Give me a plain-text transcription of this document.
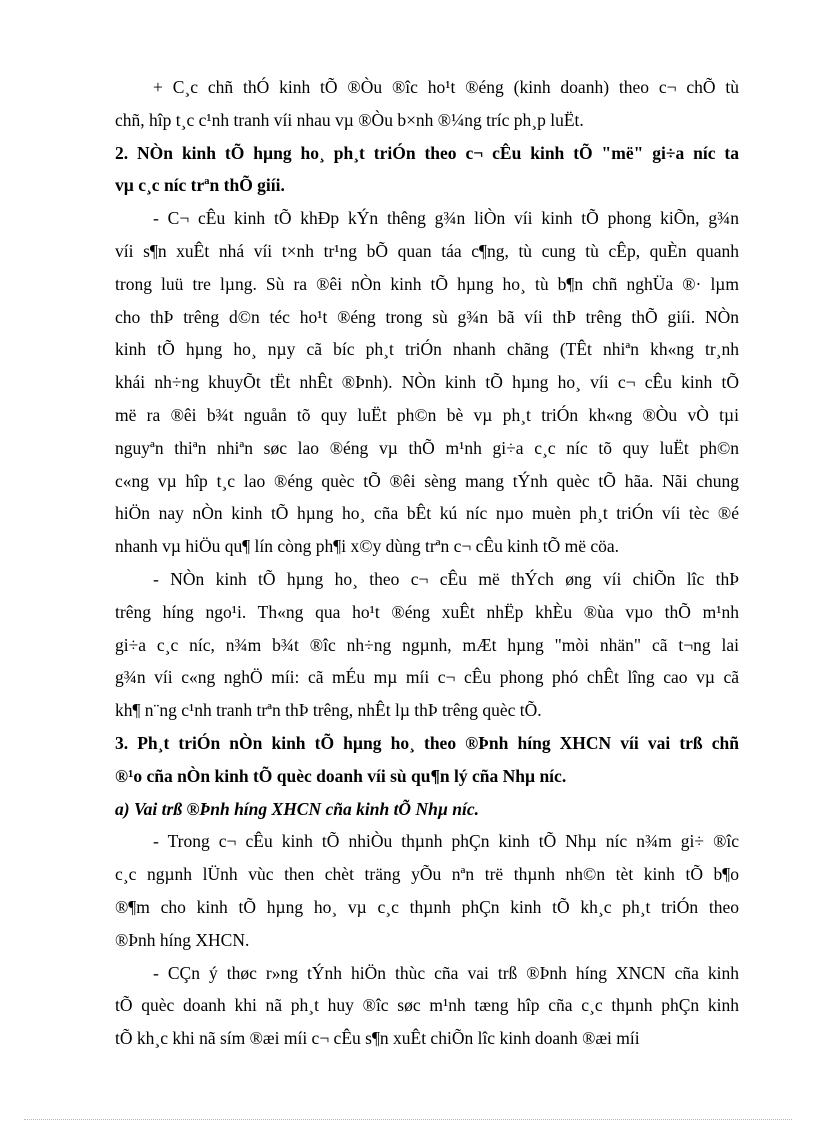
+ C¸c chñ thÓ kinh tÕ ®Òu ®îc ho¹t ®éng (kinh doanh) theo c¬ chÕ tù
chñ, hîp t¸c c¹nh tranh víi nhau vµ ®Òu b×nh ®¼ng tríc ph¸p luËt.
2. NÒn kinh tÕ hµng ho¸ ph¸t triÓn theo c¬ cÊu kinh tÕ "më" gi÷a níc ta
vµ c¸c níc trªn thÕ giíi.
- C¬ cÊu kinh tÕ khÐp kÝn thêng g¾n liÒn víi kinh tÕ phong kiÕn, g¾n
víi s¶n xuÊt nhá víi t×nh tr¹ng bÕ quan táa c¶ng, tù cung tù cÊp, quÈn quanh
trong luü tre lµng. Sù ra ®êi nÒn kinh tÕ hµng ho¸ tù b¶n chñ nghÜa ®· lµm
cho thÞ trêng d©n téc ho¹t ®éng trong sù g¾n bã víi thÞ trêng thÕ giíi. NÒn
kinh tÕ hµng ho¸ nµy cã bíc ph¸t triÓn nhanh chãng (TÊt nhiªn kh«ng tr¸nh
khái nh÷ng khuyÕt tËt nhÊt ®Þnh). NÒn kinh tÕ hµng ho¸ víi c¬ cÊu kinh tÕ
më ra ®êi b¾t nguån tõ quy luËt ph©n bè vµ ph¸t triÓn kh«ng ®Òu vÒ tµi
nguyªn thiªn nhiªn søc lao ®éng vµ thÕ m¹nh gi÷a c¸c níc tõ quy luËt ph©n
c«ng vµ hîp t¸c lao ®éng quèc tÕ ®êi sèng mang tÝnh quèc tÕ hãa. Nãi chung
hiÖn nay nÒn kinh tÕ hµng ho¸ cña bÊt kú níc nµo muèn ph¸t triÓn víi tèc ®é
nhanh vµ hiÖu qu¶ lín còng ph¶i x©y dùng trªn c¬ cÊu kinh tÕ më cöa.
- NÒn kinh tÕ hµng ho¸ theo c¬ cÊu më thÝch øng víi chiÕn lîc thÞ
trêng híng ngo¹i. Th«ng qua ho¹t ®éng xuÊt nhËp khÈu ®ùa vµo thÕ m¹nh
gi÷a c¸c níc, n¾m b¾t ®îc nh÷ng ngµnh, mÆt hµng "mòi nhän" cã t¬ng lai
g¾n víi c«ng nghÖ míi: cã mÉu mµ míi c¬ cÊu phong phó chÊt lîng cao vµ cã
kh¶ n¨ng c¹nh tranh trªn thÞ trêng, nhÊt lµ thÞ trêng quèc tÕ.
3. Ph¸t triÓn nÒn kinh tÕ hµng ho¸ theo ®Þnh híng XHCN víi vai trß chñ
®¹o cña nÒn kinh tÕ quèc doanh víi sù qu¶n lý cña Nhµ níc.
a) Vai trß ®Þnh híng XHCN cña kinh tÕ Nhµ níc.
- Trong c¬ cÊu kinh tÕ nhiÒu thµnh phÇn kinh tÕ Nhµ níc n¾m gi÷ ®îc
c¸c ngµnh lÜnh vùc then chèt träng yÕu nªn trë thµnh nh©n tèt kinh tÕ b¶o
®¶m cho kinh tÕ hµng ho¸ vµ c¸c thµnh phÇn kinh tÕ kh¸c ph¸t triÓn theo
®Þnh híng XHCN.
- CÇn ý thøc r»ng tÝnh hiÖn thùc cña vai trß ®Þnh híng XNCN cña kinh
tÕ quèc doanh khi nã ph¸t huy ®îc søc m¹nh tæng hîp cña c¸c thµnh phÇn kinh
tÕ kh¸c khi nã sím ®æi míi c¬ cÊu s¶n xuÊt chiÕn lîc kinh doanh ®æi míi
